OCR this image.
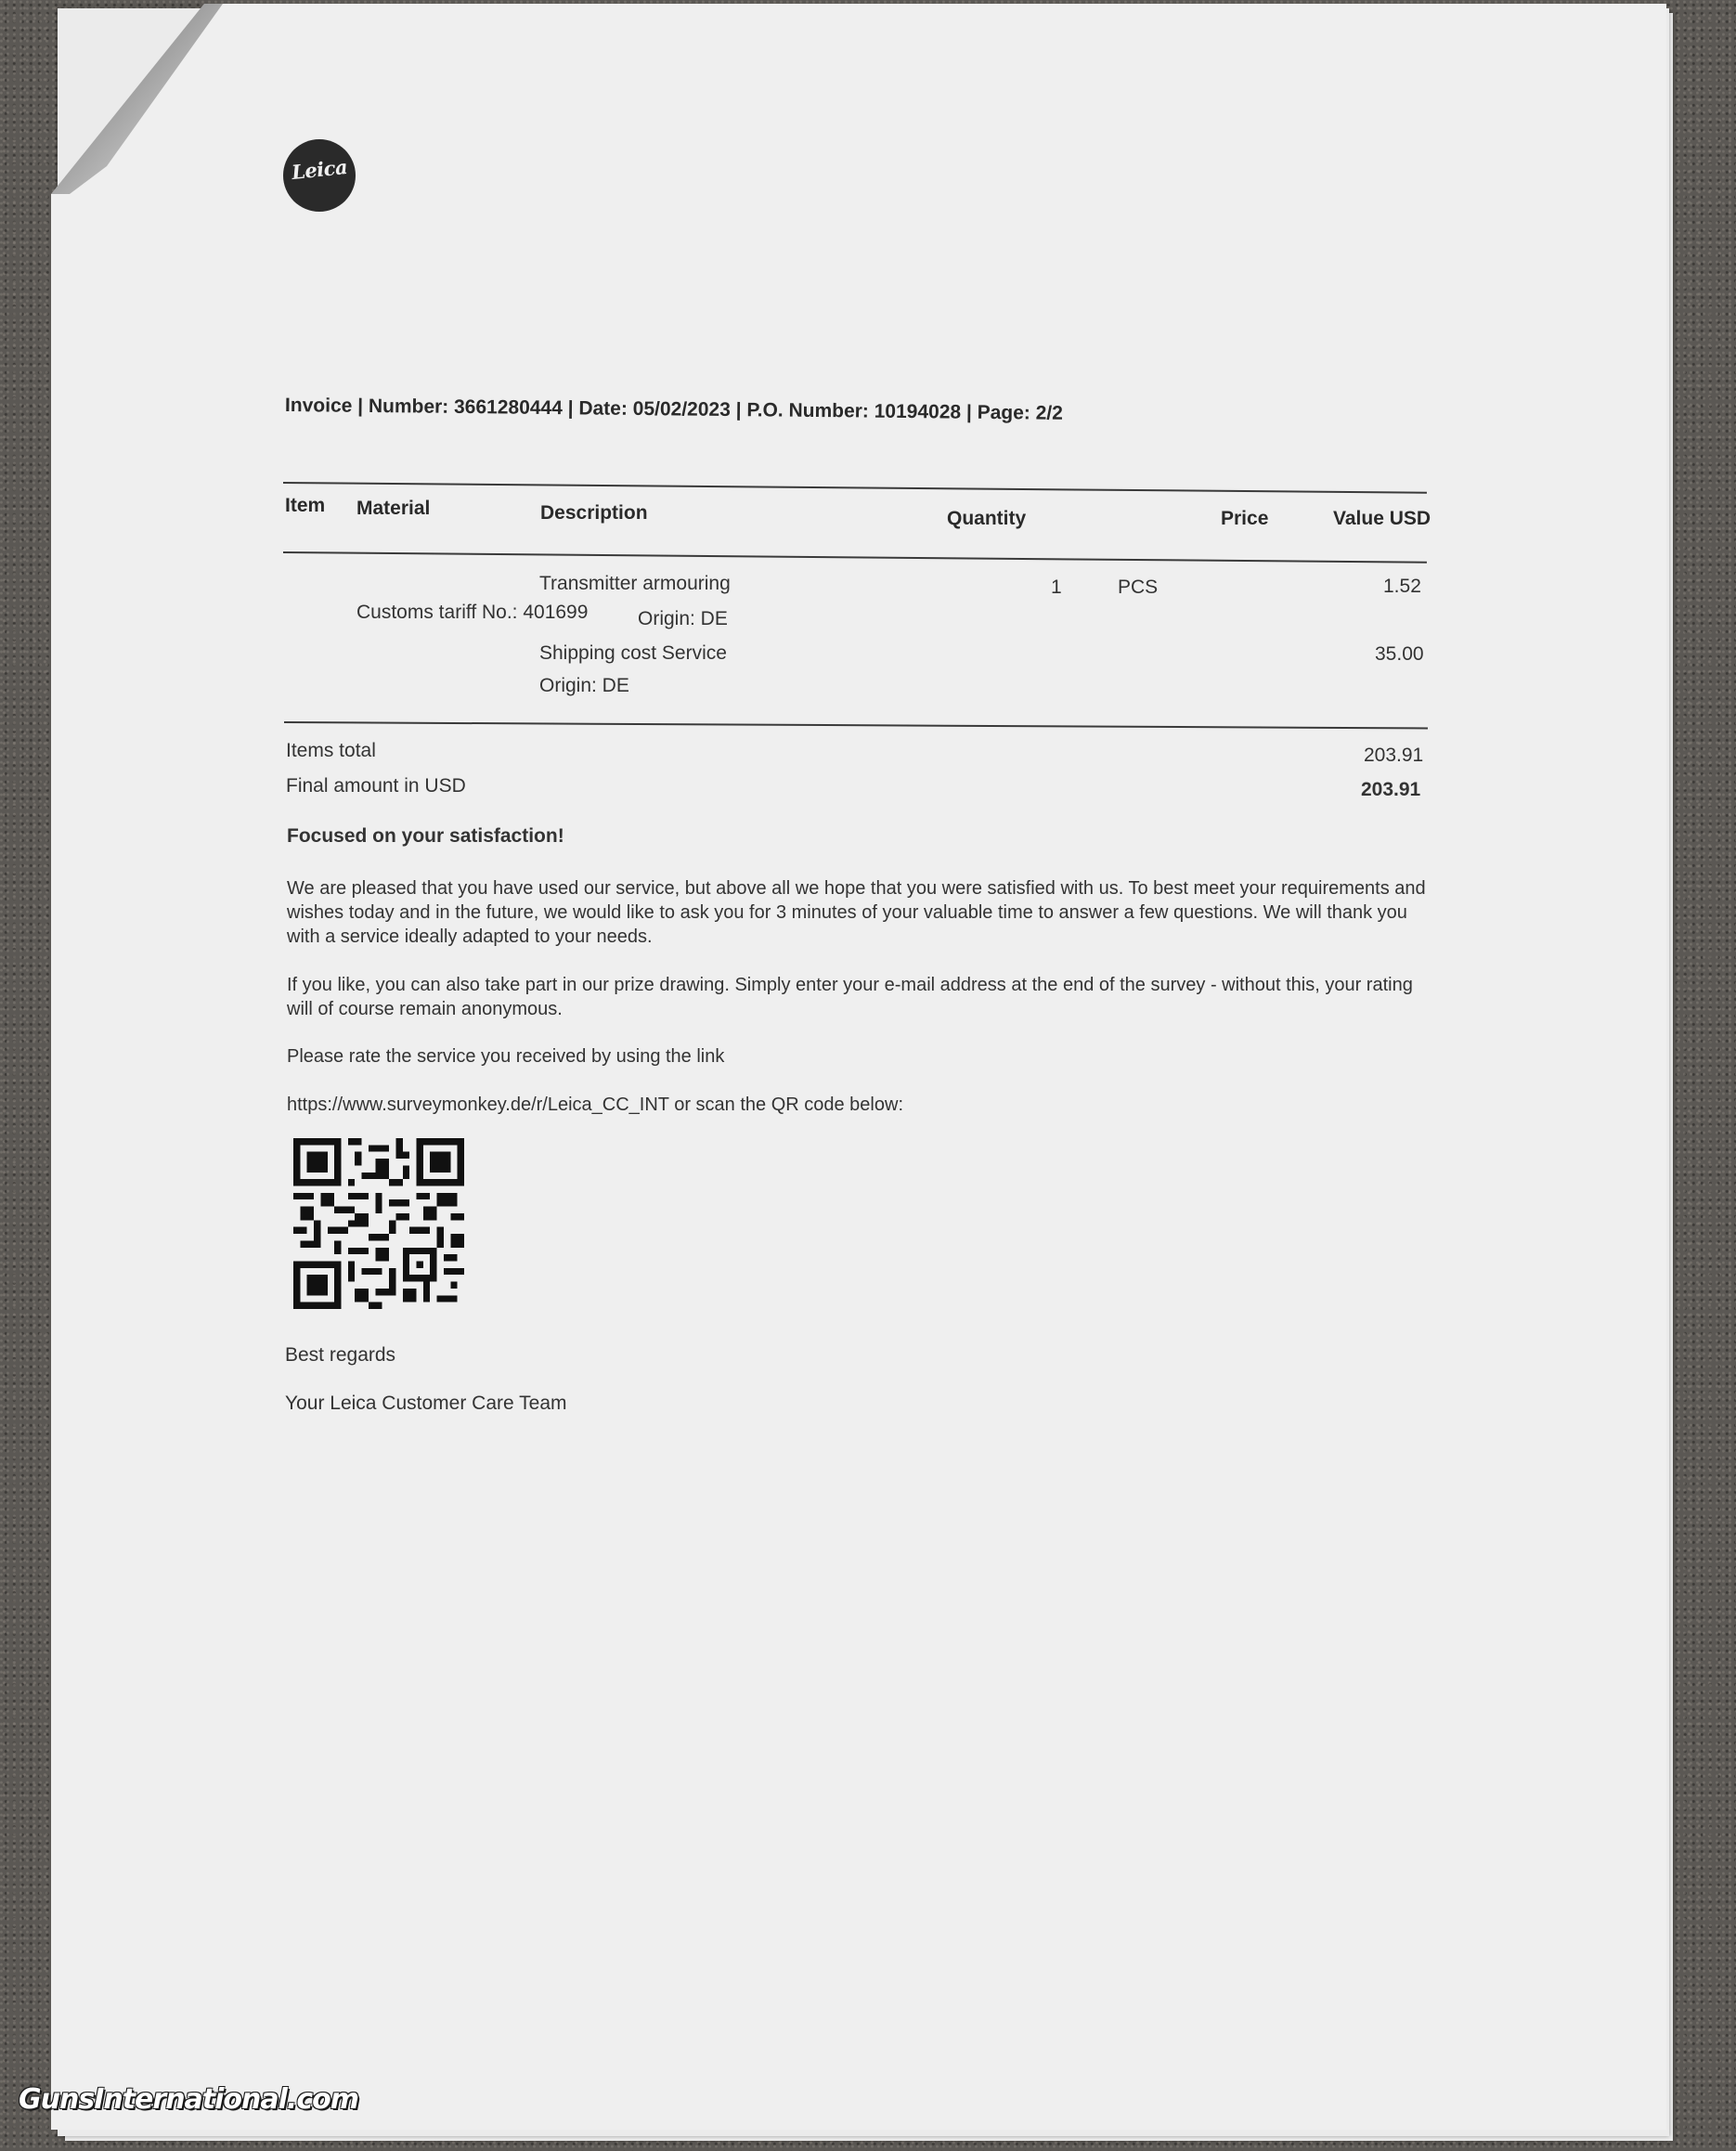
Leica
Invoice | Number: 3661280444 | Date: 05/02/2023 | P.O. Number: 10194028 | Page: 2/2
Item Material	Description	Quantity	Price	Value USD
Transmitter armouring	1	PCS	1.52
Customs tariff No.: 401699	Origin: DE
Shipping cost Service	35.00
Origin: DE
Items total	203.91
Final amount in USD	203.91
Focused on your satisfaction!
We are pleased that you have used our service, but above all we hope that you were satisfied with us. To best meet your requirements and wishes today and in the future, we would like to ask you for 3 minutes of your valuable time to answer a few questions. We will thank you with a service ideally adapted to your needs.
If you like, you can also take part in our prize drawing. Simply enter your e-mail address at the end of the survey - without this, your rating will of course remain anonymous.
Please rate the service you received by using the link
https://www.surveymonkey.de/r/Leica_CC_INT or scan the QR code below:
Best regards
Your Leica Customer Care Team
GunsInternational.com
